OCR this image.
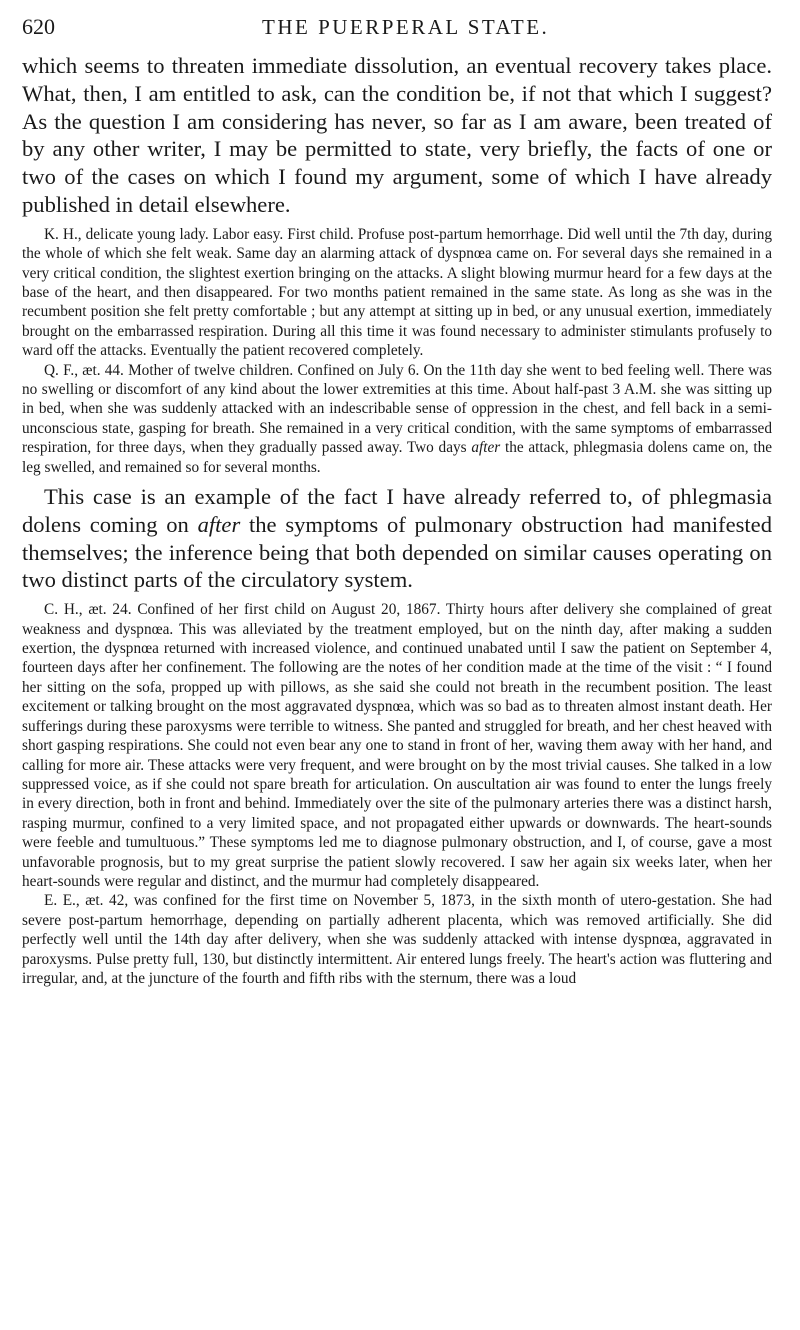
620	THE PUERPERAL STATE.

which seems to threaten immediate dissolution, an eventual recovery takes place. What, then, I am entitled to ask, can the condition be, if not that which I suggest? As the question I am considering has never, so far as I am aware, been treated of by any other writer, I may be permitted to state, very briefly, the facts of one or two of the cases on which I found my argument, some of which I have already published in detail elsewhere.

K. H., delicate young lady. Labor easy. First child. Profuse post-partum hemorrhage. Did well until the 7th day, during the whole of which she felt weak. Same day an alarming attack of dyspnœa came on. For several days she remained in a very critical condition, the slightest exertion bringing on the attacks. A slight blowing murmur heard for a few days at the base of the heart, and then disappeared. For two months patient remained in the same state. As long as she was in the recumbent position she felt pretty comfortable ; but any attempt at sitting up in bed, or any unusual exertion, immediately brought on the embarrassed respiration. During all this time it was found necessary to administer stimulants profusely to ward off the attacks. Eventually the patient recovered completely.

Q. F., æt. 44. Mother of twelve children. Confined on July 6. On the 11th day she went to bed feeling well. There was no swelling or discomfort of any kind about the lower extremities at this time. About half-past 3 A.M. she was sitting up in bed, when she was suddenly attacked with an indescribable sense of oppression in the chest, and fell back in a semi-unconscious state, gasping for breath. She remained in a very critical condition, with the same symptoms of embarrassed respiration, for three days, when they gradually passed away. Two days after the attack, phlegmasia dolens came on, the leg swelled, and remained so for several months.

This case is an example of the fact I have already referred to, of phlegmasia dolens coming on after the symptoms of pulmonary obstruction had manifested themselves; the inference being that both depended on similar causes operating on two distinct parts of the circulatory system.

C. H., æt. 24. Confined of her first child on August 20, 1867. Thirty hours after delivery she complained of great weakness and dyspnœa. This was alleviated by the treatment employed, but on the ninth day, after making a sudden exertion, the dyspnœa returned with increased violence, and continued unabated until I saw the patient on September 4, fourteen days after her confinement. The following are the notes of her condition made at the time of the visit : “ I found her sitting on the sofa, propped up with pillows, as she said she could not breath in the recumbent position. The least excitement or talking brought on the most aggravated dyspnœa, which was so bad as to threaten almost instant death. Her sufferings during these paroxysms were terrible to witness. She panted and struggled for breath, and her chest heaved with short gasping respirations. She could not even bear any one to stand in front of her, waving them away with her hand, and calling for more air. These attacks were very frequent, and were brought on by the most trivial causes. She talked in a low suppressed voice, as if she could not spare breath for articulation. On auscultation air was found to enter the lungs freely in every direction, both in front and behind. Immediately over the site of the pulmonary arteries there was a distinct harsh, rasping murmur, confined to a very limited space, and not propagated either upwards or downwards. The heart-sounds were feeble and tumultuous.” These symptoms led me to diagnose pulmonary obstruction, and I, of course, gave a most unfavorable prognosis, but to my great surprise the patient slowly recovered. I saw her again six weeks later, when her heart-sounds were regular and distinct, and the murmur had completely disappeared.

E. E., æt. 42, was confined for the first time on November 5, 1873, in the sixth month of utero-gestation. She had severe post-partum hemorrhage, depending on partially adherent placenta, which was removed artificially. She did perfectly well until the 14th day after delivery, when she was suddenly attacked with intense dyspnœa, aggravated in paroxysms. Pulse pretty full, 130, but distinctly intermittent. Air entered lungs freely. The heart's action was fluttering and irregular, and, at the juncture of the fourth and fifth ribs with the sternum, there was a loud
